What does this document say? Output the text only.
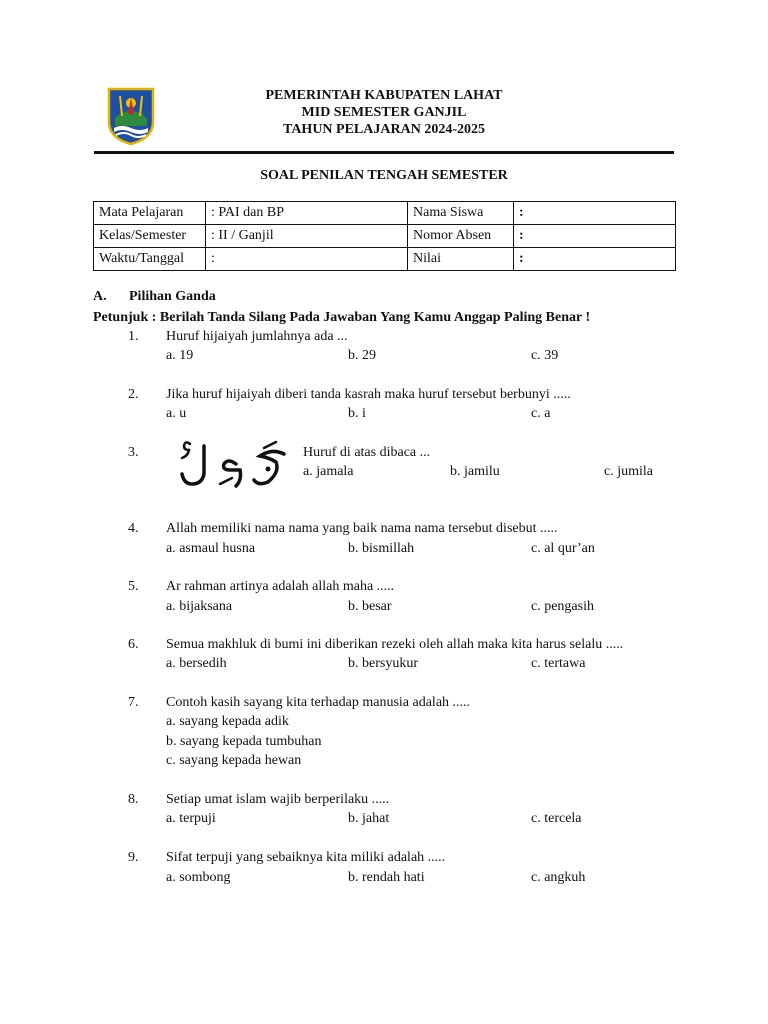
PEMERINTAH KABUPATEN LAHAT
MID SEMESTER GANJIL
TAHUN PELAJARAN 2024-2025
SOAL PENILAN TENGAH SEMESTER
Mata Pelajaran	: PAI dan BP	Nama Siswa	:
Kelas/Semester	: II / Ganjil	Nomor Absen	:
Waktu/Tanggal	:	Nilai	:
A. Pilihan Ganda
Petunjuk : Berilah Tanda Silang Pada Jawaban Yang Kamu Anggap Paling Benar !
1. Huruf hijaiyah jumlahnya ada ...
a. 19	b. 29	c. 39
2. Jika huruf hijaiyah diberi tanda kasrah maka huruf tersebut berbunyi .....
a. u	b. i	c. a
3.	Huruf di atas dibaca ...
a. jamala	b. jamilu	c. jumila
4. Allah memiliki nama nama yang baik nama nama tersebut disebut .....
a. asmaul husna	b. bismillah	c. al qur’an
5. Ar rahman artinya adalah allah maha .....
a. bijaksana	b. besar	c. pengasih
6. Semua makhluk di bumi ini diberikan rezeki oleh allah maka kita harus selalu .....
a. bersedih	b. bersyukur	c. tertawa
7. Contoh kasih sayang kita terhadap manusia adalah .....
a. sayang kepada adik
b. sayang kepada tumbuhan
c. sayang kepada hewan
8. Setiap umat islam wajib berperilaku .....
a. terpuji	b. jahat	c. tercela
9. Sifat terpuji yang sebaiknya kita miliki adalah .....
a. sombong	b. rendah hati	c. angkuh
